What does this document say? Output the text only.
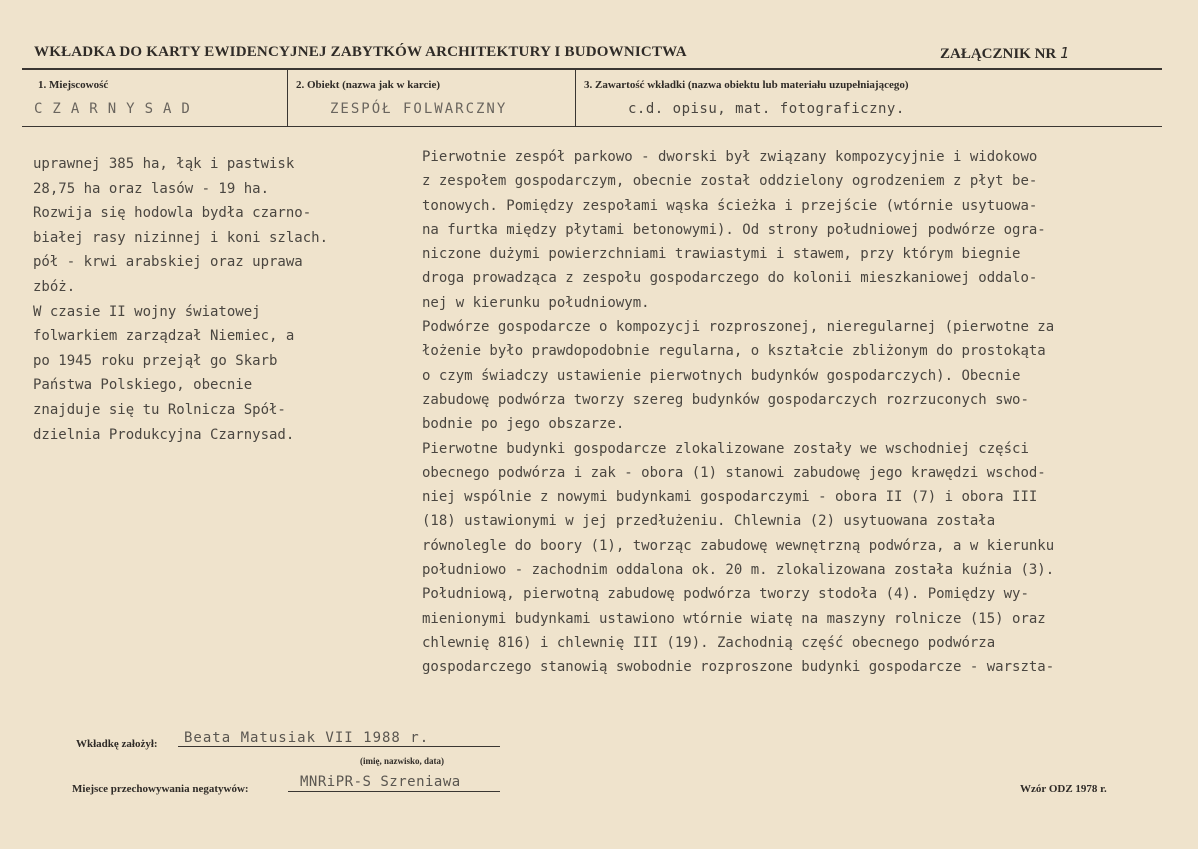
WKŁADKA DO KARTY EWIDENCYJNEJ ZABYTKÓW ARCHITEKTURY I BUDOWNICTWA	ZAŁĄCZNIK NR 1
1. Miejscowość	2. Obiekt (nazwa jak w karcie)	3. Zawartość wkładki (nazwa obiektu lub materiału uzupełniającego)
CZARNYSAD	ZESPÓŁ FOLWARCZNY	c.d. opisu, mat. fotograficzny.
uprawnej 385 ha, łąk i pastwisk
28,75 ha oraz lasów - 19 ha.
Rozwija się hodowla bydła czarno-
białej rasy nizinnej i koni szlach.
pół - krwi arabskiej oraz uprawa
zbóż.
W czasie II wojny światowej
folwarkiem zarządzał Niemiec, a
po 1945 roku przejął go Skarb
Państwa Polskiego, obecnie
znajduje się tu Rolnicza Spół-
dzielnia Produkcyjna Czarnysad.
Pierwotnie zespół parkowo - dworski był związany kompozycyjnie i widokowo
z zespołem gospodarczym, obecnie został oddzielony ogrodzeniem z płyt be-
tonowych. Pomiędzy zespołami wąska ścieżka i przejście (wtórnie usytuowa-
na furtka między płytami betonowymi). Od strony południowej podwórze ogra-
niczone dużymi powierzchniami trawiastymi i stawem, przy którym biegnie
droga prowadząca z zespołu gospodarczego do kolonii mieszkaniowej oddalo-
nej w kierunku południowym.
Podwórze gospodarcze o kompozycji rozproszonej, nieregularnej (pierwotne za
łożenie było prawdopodobnie regularna, o kształcie zbliżonym do prostokąta
o czym świadczy ustawienie pierwotnych budynków gospodarczych). Obecnie
zabudowę podwórza tworzy szereg budynków gospodarczych rozrzuconych swo-
bodnie po jego obszarze.
Pierwotne budynki gospodarcze zlokalizowane zostały we wschodniej części
obecnego podwórza i zak - obora (1) stanowi zabudowę jego krawędzi wschod-
niej wspólnie z nowymi budynkami gospodarczymi - obora II (7) i obora III
(18) ustawionymi w jej przedłużeniu. Chlewnia (2) usytuowana została
równolegle do boory (1), tworząc zabudowę wewnętrzną podwórza, a w kierunku
południowo - zachodnim oddalona ok. 20 m. zlokalizowana została kuźnia (3).
Południową, pierwotną zabudowę podwórza tworzy stodoła (4). Pomiędzy wy-
mienionymi budynkami ustawiono wtórnie wiatę na maszyny rolnicze (15) oraz
chlewnię 816) i chlewnię III (19). Zachodnią część obecnego podwórza
gospodarczego stanowią swobodnie rozproszone budynki gospodarcze - warszta-
Wkładkę założył: Beata Matusiak VII 1988 r.
(imię, nazwisko, data)
Miejsce przechowywania negatywów:	MNRiPR-S Szreniawa	Wzór ODZ 1978 r.
